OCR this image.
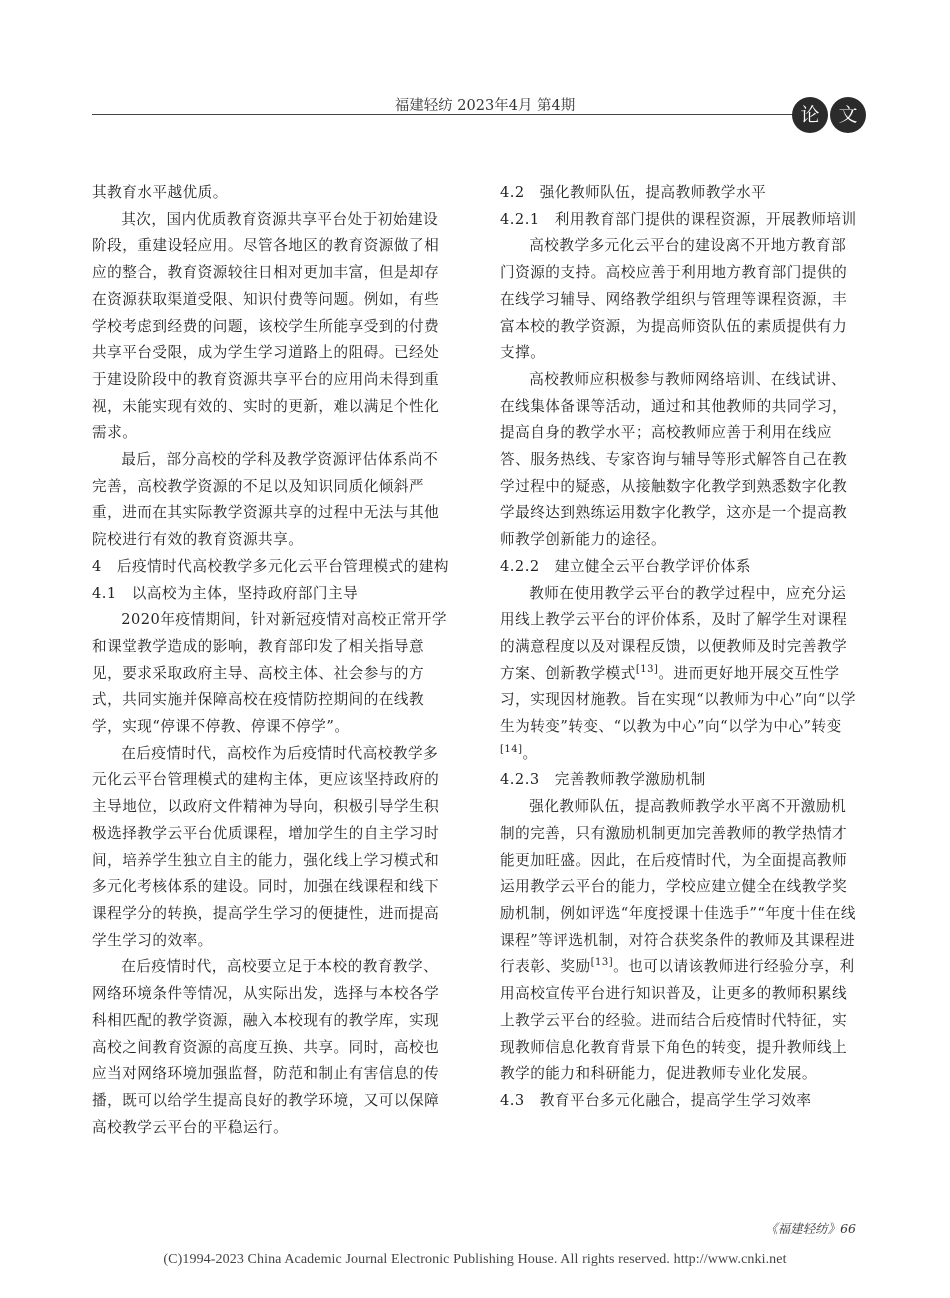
福建轻纺 2023年4月 第4期	论 文

其教育水平越优质。

其次，国内优质教育资源共享平台处于初始建设阶段，重建设轻应用。尽管各地区的教育资源做了相应的整合，教育资源较往日相对更加丰富，但是却存在资源获取渠道受限、知识付费等问题。例如，有些学校考虑到经费的问题，该校学生所能享受到的付费共享平台受限，成为学生学习道路上的阻碍。已经处于建设阶段中的教育资源共享平台的应用尚未得到重视，未能实现有效的、实时的更新，难以满足个性化需求。

最后，部分高校的学科及教学资源评估体系尚不完善，高校教学资源的不足以及知识同质化倾斜严重，进而在其实际教学资源共享的过程中无法与其他院校进行有效的教育资源共享。

4　后疫情时代高校教学多元化云平台管理模式的建构
4.1　以高校为主体，坚持政府部门主导

2020年疫情期间，针对新冠疫情对高校正常开学和课堂教学造成的影响，教育部印发了相关指导意见，要求采取政府主导、高校主体、社会参与的方式，共同实施并保障高校在疫情防控期间的在线教学，实现“停课不停教、停课不停学”。

在后疫情时代，高校作为后疫情时代高校教学多元化云平台管理模式的建构主体，更应该坚持政府的主导地位，以政府文件精神为导向，积极引导学生积极选择教学云平台优质课程，增加学生的自主学习时间，培养学生独立自主的能力，强化线上学习模式和多元化考核体系的建设。同时，加强在线课程和线下课程学分的转换，提高学生学习的便捷性，进而提高学生学习的效率。

在后疫情时代，高校要立足于本校的教育教学、网络环境条件等情况，从实际出发，选择与本校各学科相匹配的教学资源，融入本校现有的教学库，实现高校之间教育资源的高度互换、共享。同时，高校也应当对网络环境加强监督，防范和制止有害信息的传播，既可以给学生提高良好的教学环境，又可以保障高校教学云平台的平稳运行。

4.2　强化教师队伍，提高教师教学水平
4.2.1　利用教育部门提供的课程资源，开展教师培训

高校教学多元化云平台的建设离不开地方教育部门资源的支持。高校应善于利用地方教育部门提供的在线学习辅导、网络教学组织与管理等课程资源，丰富本校的教学资源，为提高师资队伍的素质提供有力支撑。

高校教师应积极参与教师网络培训、在线试讲、在线集体备课等活动，通过和其他教师的共同学习，提高自身的教学水平；高校教师应善于利用在线应答、服务热线、专家咨询与辅导等形式解答自己在教学过程中的疑惑，从接触数字化教学到熟悉数字化教学最终达到熟练运用数字化教学，这亦是一个提高教师教学创新能力的途径。

4.2.2　建立健全云平台教学评价体系

教师在使用教学云平台的教学过程中，应充分运用线上教学云平台的评价体系，及时了解学生对课程的满意程度以及对课程反馈，以便教师及时完善教学方案、创新教学模式[13]。进而更好地开展交互性学习，实现因材施教。旨在实现“以教师为中心”向“以学生为转变”转变、“以教为中心”向“以学为中心”转变[14]。

4.2.3　完善教师教学激励机制

强化教师队伍，提高教师教学水平离不开激励机制的完善，只有激励机制更加完善教师的教学热情才能更加旺盛。因此，在后疫情时代，为全面提高教师运用教学云平台的能力，学校应建立健全在线教学奖励机制，例如评选“年度授课十佳选手”“年度十佳在线课程”等评选机制，对符合获奖条件的教师及其课程进行表彰、奖励[13]。也可以请该教师进行经验分享，利用高校宣传平台进行知识普及，让更多的教师积累线上教学云平台的经验。进而结合后疫情时代特征，实现教师信息化教育背景下角色的转变，提升教师线上教学的能力和科研能力，促进教师专业化发展。

4.3　教育平台多元化融合，提高学生学习效率
《福建轻纺》66
(C)1994-2023 China Academic Journal Electronic Publishing House. All rights reserved. http://www.cnki.net
